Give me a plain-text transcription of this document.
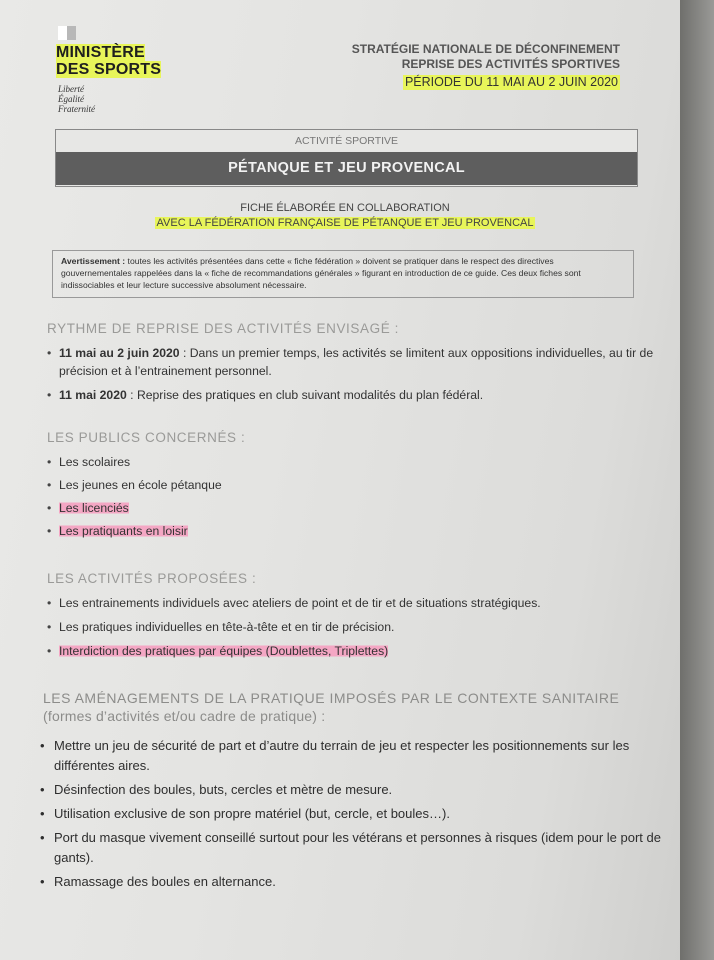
MINISTÈRE
DES SPORTS
Liberté
Égalité
Fraternité
STRATÉGIE NATIONALE DE DÉCONFINEMENT
REPRISE DES ACTIVITÉS SPORTIVES
PÉRIODE DU 11 MAI AU 2 JUIN 2020
ACTIVITÉ SPORTIVE
PÉTANQUE ET JEU PROVENCAL
FICHE ÉLABORÉE EN COLLABORATION
AVEC LA FÉDÉRATION FRANÇAISE DE PÉTANQUE ET JEU PROVENCAL
Avertissement : toutes les activités présentées dans cette « fiche fédération » doivent se pratiquer dans le respect des directives gouvernementales rappelées dans la « fiche de recommandations générales » figurant en introduction de ce guide. Ces deux fiches sont indissociables et leur lecture successive absolument nécessaire.
RYTHME DE REPRISE DES ACTIVITÉS ENVISAGÉ :
• 11 mai au 2 juin 2020 : Dans un premier temps, les activités se limitent aux oppositions individuelles, au tir de précision et à l’entrainement personnel.
• 11 mai 2020 : Reprise des pratiques en club suivant modalités du plan fédéral.
LES PUBLICS CONCERNÉS :
• Les scolaires
• Les jeunes en école pétanque
• Les licenciés
• Les pratiquants en loisir
LES ACTIVITÉS PROPOSÉES :
• Les entrainements individuels avec ateliers de point et de tir et de situations stratégiques.
• Les pratiques individuelles en tête-à-tête et en tir de précision.
• Interdiction des pratiques par équipes (Doublettes, Triplettes)
LES AMÉNAGEMENTS DE LA PRATIQUE IMPOSÉS PAR LE CONTEXTE SANITAIRE
(formes d’activités et/ou cadre de pratique) :
• Mettre un jeu de sécurité de part et d’autre du terrain de jeu et respecter les positionnements sur les différentes aires.
• Désinfection des boules, buts, cercles et mètre de mesure.
• Utilisation exclusive de son propre matériel (but, cercle, et boules…).
• Port du masque vivement conseillé surtout pour les vétérans et personnes à risques (idem pour le port de gants).
• Ramassage des boules en alternance.
